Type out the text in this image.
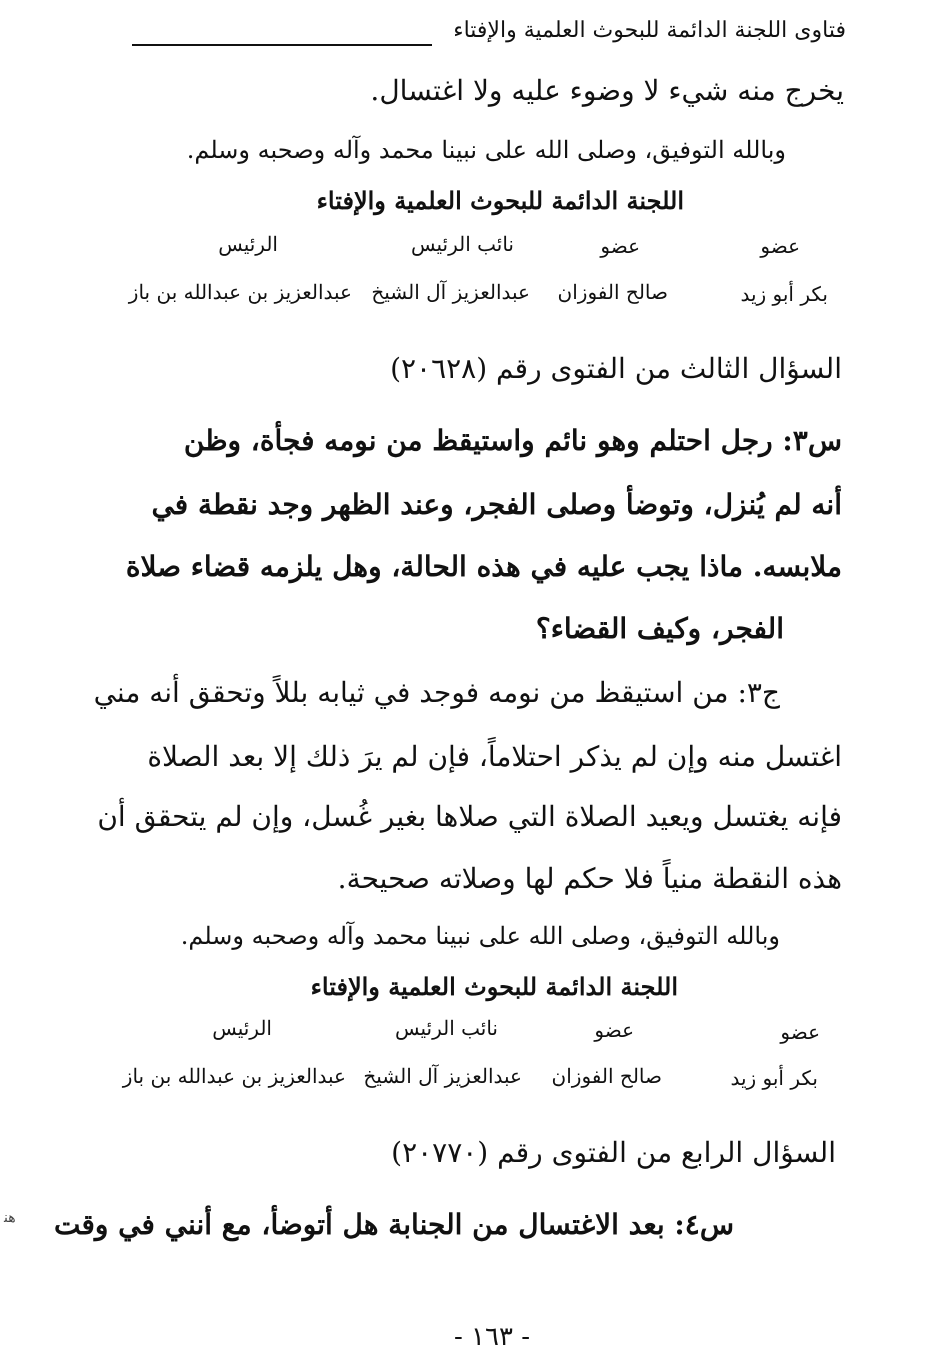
فتاوى اللجنة الدائمة للبحوث العلمية والإفتاء
يخرج منه شيء لا وضوء عليه ولا اغتسال.
وبالله التوفيق، وصلى الله على نبينا محمد وآله وصحبه وسلم.
اللجنة الدائمة للبحوث العلمية والإفتاء
عضو
عضو
نائب الرئيس
الرئيس
بكر أبو زيد
صالح الفوزان
عبدالعزيز آل الشيخ
عبدالعزيز بن عبدالله بن باز
السؤال الثالث من الفتوى رقم (٢٠٦٢٨)
س٣: رجل احتلم وهو نائم واستيقظ من نومه فجأة، وظن
أنه لم يُنزل، وتوضأ وصلى الفجر، وعند الظهر وجد نقطة في
ملابسه. ماذا يجب عليه في هذه الحالة، وهل يلزمه قضاء صلاة
الفجر، وكيف القضاء؟
ج٣: من استيقظ من نومه فوجد في ثيابه بللاً وتحقق أنه مني
اغتسل منه وإن لم يذكر احتلاماً، فإن لم يرَ ذلك إلا بعد الصلاة
فإنه يغتسل ويعيد الصلاة التي صلاها بغير غُسل، وإن لم يتحقق أن
هذه النقطة منياً فلا حكم لها وصلاته صحيحة.
وبالله التوفيق، وصلى الله على نبينا محمد وآله وصحبه وسلم.
اللجنة الدائمة للبحوث العلمية والإفتاء
عضو
عضو
نائب الرئيس
الرئيس
بكر أبو زيد
صالح الفوزان
عبدالعزيز آل الشيخ
عبدالعزيز بن عبدالله بن باز
السؤال الرابع من الفتوى رقم (٢٠٧٧٠)
س٤: بعد الاغتسال من الجنابة هل أتوضأ، مع أنني في وقت
ﻫﻨ
- ١٦٣ -
